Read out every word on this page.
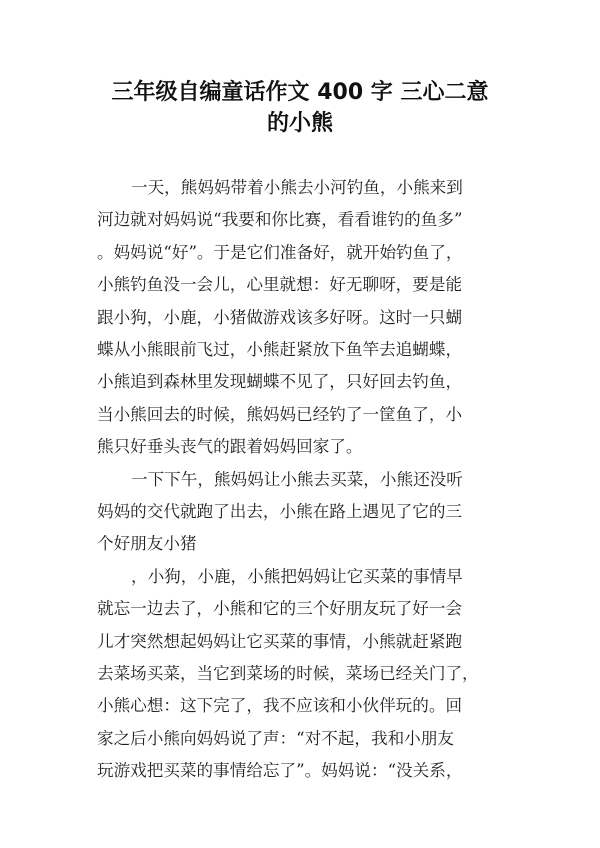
三年级自编童话作文 400 字 三心二意
的小熊
一天，熊妈妈带着小熊去小河钓鱼，小熊来到
河边就对妈妈说“我要和你比赛，看看谁钓的鱼多”
。妈妈说“好”。于是它们准备好，就开始钓鱼了，
小熊钓鱼没一会儿，心里就想：好无聊呀，要是能
跟小狗，小鹿，小猪做游戏该多好呀。这时一只蝴
蝶从小熊眼前飞过，小熊赶紧放下鱼竿去追蝴蝶，
小熊追到森林里发现蝴蝶不见了，只好回去钓鱼，
当小熊回去的时候，熊妈妈已经钓了一筐鱼了，小
熊只好垂头丧气的跟着妈妈回家了。
一下下午，熊妈妈让小熊去买菜，小熊还没听
妈妈的交代就跑了出去，小熊在路上遇见了它的三
个好朋友小猪
，小狗，小鹿，小熊把妈妈让它买菜的事情早
就忘一边去了，小熊和它的三个好朋友玩了好一会
儿才突然想起妈妈让它买菜的事情，小熊就赶紧跑
去菜场买菜，当它到菜场的时候，菜场已经关门了，
小熊心想：这下完了，我不应该和小伙伴玩的。回
家之后小熊向妈妈说了声：“对不起，我和小朋友
玩游戏把买菜的事情给忘了”。妈妈说：“没关系，
